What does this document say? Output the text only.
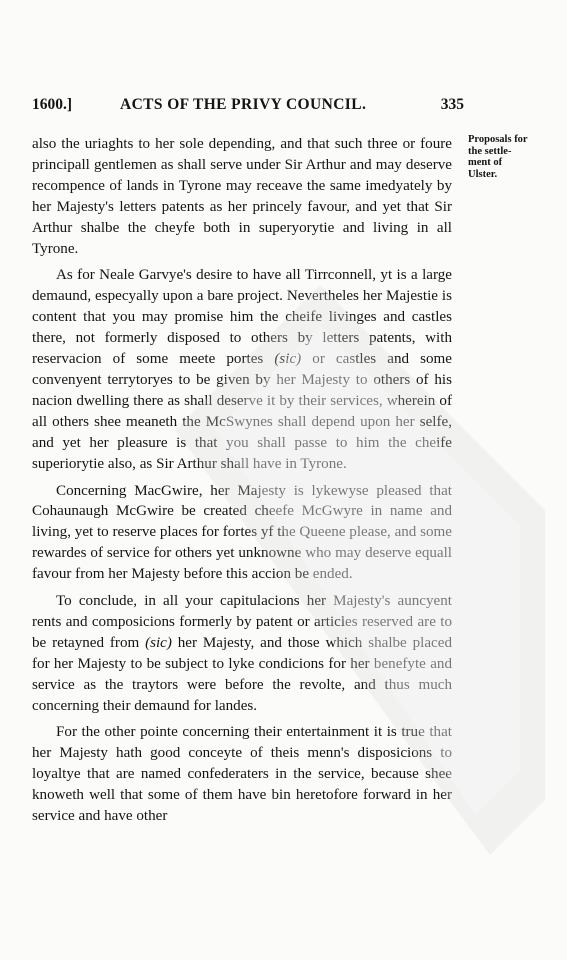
1600.]	ACTS OF THE PRIVY COUNCIL.	335
Proposals for
the settle-
ment of
Ulster.

also the uriaghts to her sole depending, and that such three or foure principall gentlemen as shall serve under Sir Arthur and may deserve recompence of lands in Tyrone may receave the same imedyately by her Majesty's letters patents as her princely favour, and yet that Sir Arthur shalbe the cheyfe both in superyorytie and living in all Tyrone.

As for Neale Garvye's desire to have all Tirrconnell, yt is a large demaund, especyally upon a bare project. Nevertheles her Majestie is content that you may promise him the cheife livinges and castles there, not formerly disposed to others by letters patents, with reservacion of some meete portes (sic) or castles and some convenyent terrytoryes to be given by her Majesty to others of his nacion dwelling there as shall deserve it by their services, wherein of all others shee meaneth the McSwynes shall depend upon her selfe, and yet her pleasure is that you shall passe to him the cheife superiorytie also, as Sir Arthur shall have in Tyrone.

Concerning MacGwire, her Majesty is lykewyse pleased that Cohaunaugh McGwire be created cheefe McGwyre in name and living, yet to reserve places for fortes yf the Queene please, and some rewardes of service for others yet unknowne who may deserve equall favour from her Majesty before this accion be ended.

To conclude, in all your capitulacions her Majesty's auncyent rents and composicions formerly by patent or articles reserved are to be retayned from (sic) her Majesty, and those which shalbe placed for her Majesty to be subject to lyke condicions for her benefyte and service as the traytors were before the revolte, and thus much concerning their demaund for landes.

For the other pointe concerning their entertainment it is true that her Majesty hath good conceyte of theis menn's disposicions to loyaltye that are named confederaters in the service, because shee knoweth well that some of them have bin heretofore forward in her service and have other
